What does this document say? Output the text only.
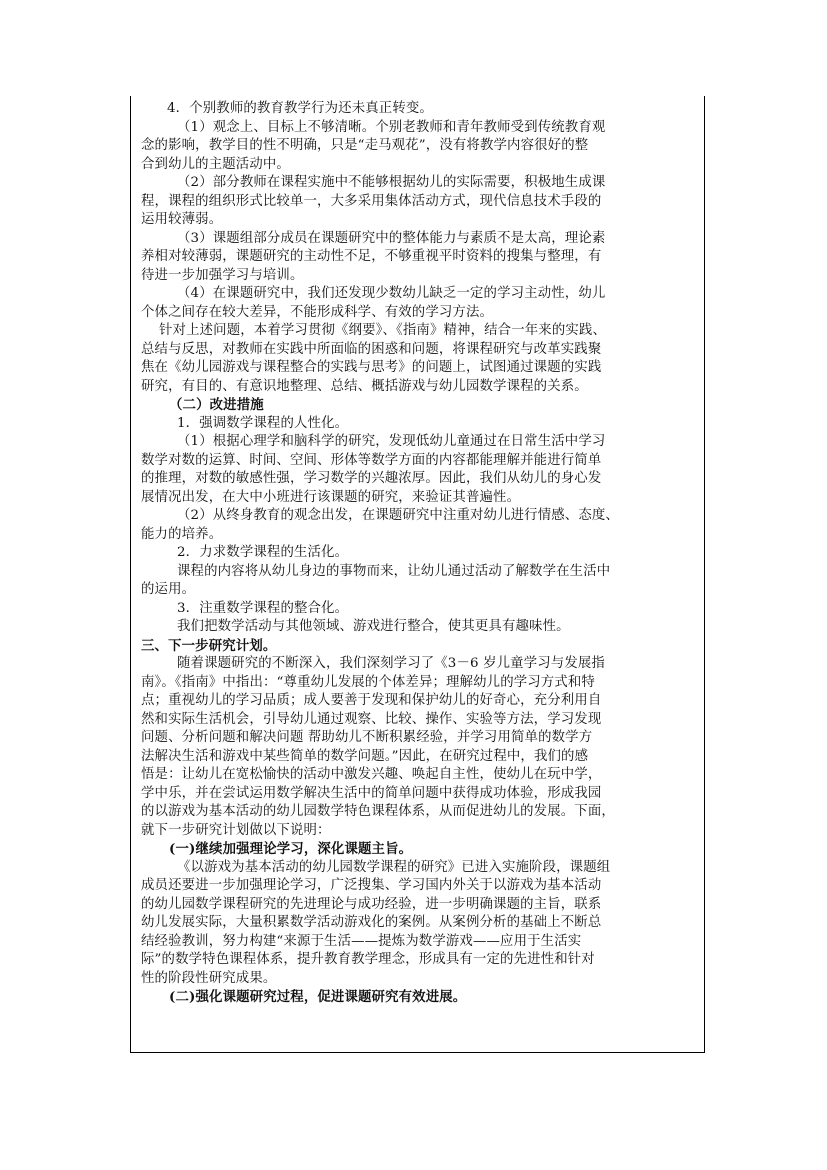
4．个别教师的教育教学行为还未真正转变。
（1）观念上、目标上不够清晰。个别老教师和青年教师受到传统教育观
念的影响，教学目的性不明确，只是“走马观花”，没有将教学内容很好的整
合到幼儿的主题活动中。
（2）部分教师在课程实施中不能够根据幼儿的实际需要，积极地生成课
程，课程的组织形式比较单一，大多采用集体活动方式，现代信息技术手段的
运用较薄弱。
（3）课题组部分成员在课题研究中的整体能力与素质不是太高，理论素
养相对较薄弱，课题研究的主动性不足，不够重视平时资料的搜集与整理，有
待进一步加强学习与培训。
（4）在课题研究中，我们还发现少数幼儿缺乏一定的学习主动性，幼儿
个体之间存在较大差异，不能形成科学、有效的学习方法。
针对上述问题，本着学习贯彻《纲要》、《指南》精神，结合一年来的实践、
总结与反思，对教师在实践中所面临的困惑和问题，将课程研究与改革实践聚
焦在《幼儿园游戏与课程整合的实践与思考》的问题上，试图通过课题的实践
研究，有目的、有意识地整理、总结、概括游戏与幼儿园数学课程的关系。
（二）改进措施
1．强调数学课程的人性化。
（1）根据心理学和脑科学的研究，发现低幼儿童通过在日常生活中学习
数学对数的运算、时间、空间、形体等数学方面的内容都能理解并能进行简单
的推理，对数的敏感性强，学习数学的兴趣浓厚。因此，我们从幼儿的身心发
展情况出发，在大中小班进行该课题的研究，来验证其普遍性。
（2）从终身教育的观念出发，在课题研究中注重对幼儿进行情感、态度、
能力的培养。
2．力求数学课程的生活化。
课程的内容将从幼儿身边的事物而来，让幼儿通过活动了解数学在生活中
的运用。
3．注重数学课程的整合化。
我们把数学活动与其他领域、游戏进行整合，使其更具有趣味性。
三、下一步研究计划。
随着课题研究的不断深入，我们深刻学习了《3－6 岁儿童学习与发展指
南》。《指南》中指出：“尊重幼儿发展的个体差异；理解幼儿的学习方式和特
点；重视幼儿的学习品质；成人要善于发现和保护幼儿的好奇心，充分利用自
然和实际生活机会，引导幼儿通过观察、比较、操作、实验等方法，学习发现
问题、分析问题和解决问题 帮助幼儿不断积累经验，并学习用简单的数学方
法解决生活和游戏中某些简单的数学问题。”因此，在研究过程中，我们的感
悟是：让幼儿在宽松愉快的活动中激发兴趣、唤起自主性，使幼儿在玩中学，
学中乐，并在尝试运用数学解决生活中的简单问题中获得成功体验，形成我园
的以游戏为基本活动的幼儿园数学特色课程体系，从而促进幼儿的发展。下面，
就下一步研究计划做以下说明：
(一)继续加强理论学习，深化课题主旨。
《以游戏为基本活动的幼儿园数学课程的研究》已进入实施阶段，课题组
成员还要进一步加强理论学习，广泛搜集、学习国内外关于以游戏为基本活动
的幼儿园数学课程研究的先进理论与成功经验，进一步明确课题的主旨，联系
幼儿发展实际，大量积累数学活动游戏化的案例。从案例分析的基础上不断总
结经验教训，努力构建“来源于生活——提炼为数学游戏——应用于生活实
际”的数学特色课程体系，提升教育教学理念，形成具有一定的先进性和针对
性的阶段性研究成果。
(二)强化课题研究过程，促进课题研究有效进展。
